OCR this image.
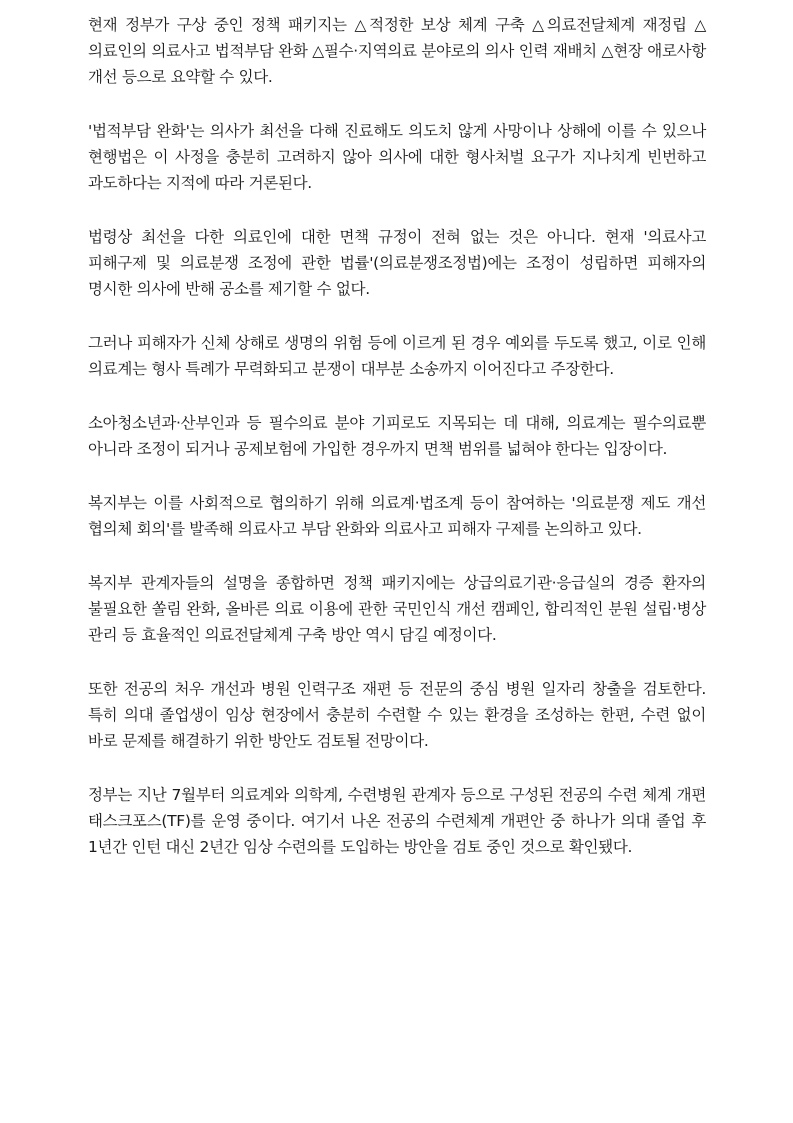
현재 정부가 구상 중인 정책 패키지는 △적정한 보상 체계 구축 △의료전달체계 재정립 △의료인의 의료사고 법적부담 완화 △필수·지역의료 분야로의 의사 인력 재배치 △현장 애로사항 개선 등으로 요약할 수 있다.

'법적부담 완화'는 의사가 최선을 다해 진료해도 의도치 않게 사망이나 상해에 이를 수 있으나 현행법은 이 사정을 충분히 고려하지 않아 의사에 대한 형사처벌 요구가 지나치게 빈번하고 과도하다는 지적에 따라 거론된다.

법령상 최선을 다한 의료인에 대한 면책 규정이 전혀 없는 것은 아니다. 현재 '의료사고 피해구제 및 의료분쟁 조정에 관한 법률'(의료분쟁조정법)에는 조정이 성립하면 피해자의 명시한 의사에 반해 공소를 제기할 수 없다.

그러나 피해자가 신체 상해로 생명의 위험 등에 이르게 된 경우 예외를 두도록 했고, 이로 인해 의료계는 형사 특례가 무력화되고 분쟁이 대부분 소송까지 이어진다고 주장한다.

소아청소년과·산부인과 등 필수의료 분야 기피로도 지목되는 데 대해, 의료계는 필수의료뿐 아니라 조정이 되거나 공제보험에 가입한 경우까지 면책 범위를 넓혀야 한다는 입장이다.

복지부는 이를 사회적으로 협의하기 위해 의료계·법조계 등이 참여하는 '의료분쟁 제도 개선 협의체 회의'를 발족해 의료사고 부담 완화와 의료사고 피해자 구제를 논의하고 있다.

복지부 관계자들의 설명을 종합하면 정책 패키지에는 상급의료기관·응급실의 경증 환자의 불필요한 쏠림 완화, 올바른 의료 이용에 관한 국민인식 개선 캠페인, 합리적인 분원 설립·병상 관리 등 효율적인 의료전달체계 구축 방안 역시 담길 예정이다.

또한 전공의 처우 개선과 병원 인력구조 재편 등 전문의 중심 병원 일자리 창출을 검토한다. 특히 의대 졸업생이 임상 현장에서 충분히 수련할 수 있는 환경을 조성하는 한편, 수련 없이 바로 문제를 해결하기 위한 방안도 검토될 전망이다.

정부는 지난 7월부터 의료계와 의학계, 수련병원 관계자 등으로 구성된 전공의 수련 체계 개편 태스크포스(TF)를 운영 중이다. 여기서 나온 전공의 수련체계 개편안 중 하나가 의대 졸업 후 1년간 인턴 대신 2년간 임상 수련의를 도입하는 방안을 검토 중인 것으로 확인됐다.
